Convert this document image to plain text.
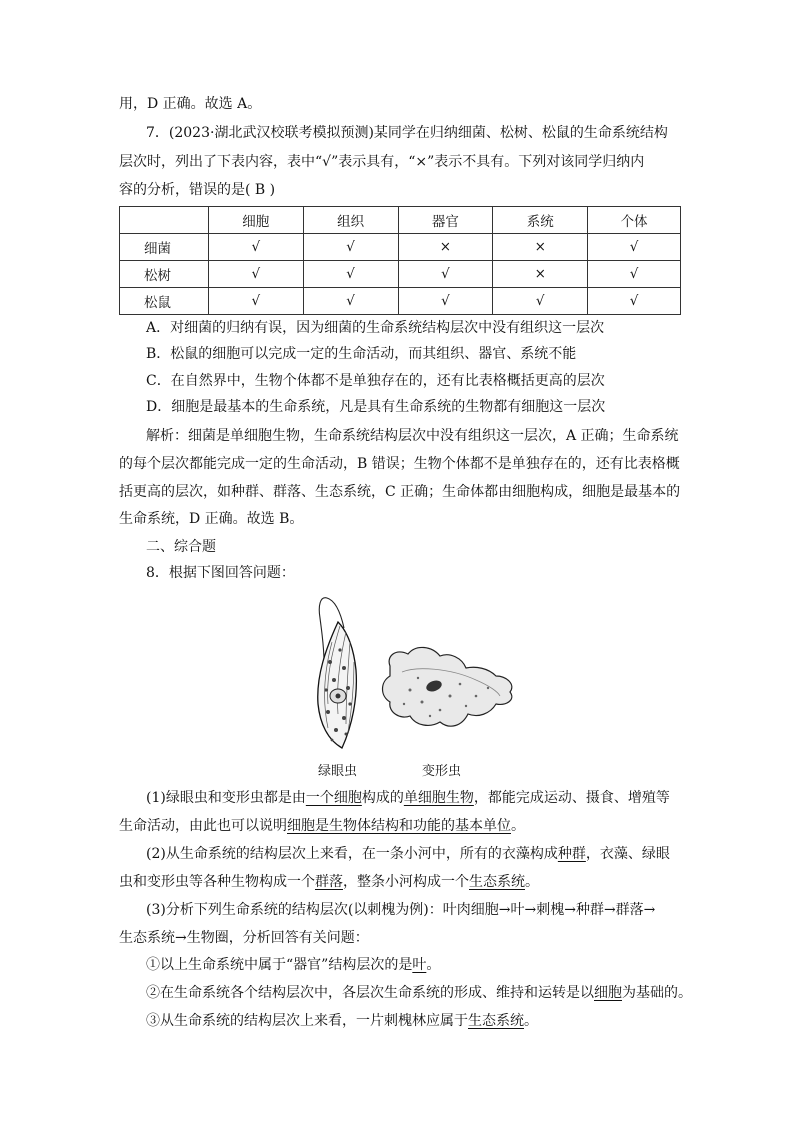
用，D 正确。故选 A。
7．(2023·湖北武汉校联考模拟预测)某同学在归纳细菌、松树、松鼠的生命系统结构
层次时，列出了下表内容，表中“√”表示具有，“×”表示不具有。下列对该同学归纳内
容的分析，错误的是( B )
	细胞	组织	器官	系统	个体
细菌	√	√	×	×	√
松树	√	√	√	×	√
松鼠	√	√	√	√	√
A．对细菌的归纳有误，因为细菌的生命系统结构层次中没有组织这一层次
B．松鼠的细胞可以完成一定的生命活动，而其组织、器官、系统不能
C．在自然界中，生物个体都不是单独存在的，还有比表格概括更高的层次
D．细胞是最基本的生命系统，凡是具有生命系统的生物都有细胞这一层次
解析：细菌是单细胞生物，生命系统结构层次中没有组织这一层次，A 正确；生命系统
的每个层次都能完成一定的生命活动，B 错误；生物个体都不是单独存在的，还有比表格概
括更高的层次，如种群、群落、生态系统，C 正确；生命体都由细胞构成，细胞是最基本的
生命系统，D 正确。故选 B。
二、综合题
8．根据下图回答问题：
绿眼虫	变形虫
(1)绿眼虫和变形虫都是由一个细胞构成的单细胞生物，都能完成运动、摄食、增殖等
生命活动，由此也可以说明细胞是生物体结构和功能的基本单位。
(2)从生命系统的结构层次上来看，在一条小河中，所有的衣藻构成种群，衣藻、绿眼
虫和变形虫等各种生物构成一个群落，整条小河构成一个生态系统。
(3)分析下列生命系统的结构层次(以刺槐为例)：叶肉细胞→叶→刺槐→种群→群落→
生态系统→生物圈，分析回答有关问题：
①以上生命系统中属于“器官”结构层次的是叶。
②在生命系统各个结构层次中，各层次生命系统的形成、维持和运转是以细胞为基础的。
③从生命系统的结构层次上来看，一片刺槐林应属于生态系统。
